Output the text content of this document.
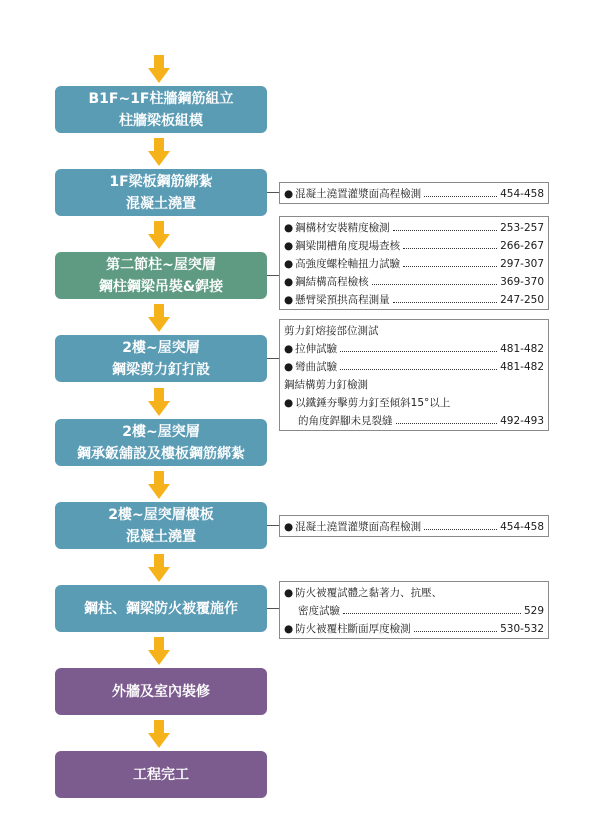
B1F~1F柱牆鋼筋組立
柱牆梁板組模
1F梁板鋼筋綁紮
混凝土澆置
第二節柱~屋突層
鋼柱鋼梁吊裝&銲接
2樓~屋突層
鋼梁剪力釘打設
2樓~屋突層
鋼承鈑舖設及樓板鋼筋綁紮
2樓~屋突層樓板
混凝土澆置
鋼柱、鋼梁防火被覆施作
外牆及室內裝修
工程完工
● 混凝土澆置灌漿面高程檢測	454-458
● 鋼構材安裝精度檢測	253-257
● 鋼梁開槽角度現場查核	266-267
● 高強度螺栓軸扭力試驗	297-307
● 鋼結構高程檢核	369-370
● 懸臂梁預拱高程測量	247-250
剪力釘熔接部位測試
● 拉伸試驗	481-482
● 彎曲試驗	481-482
鋼結構剪力釘檢測
● 以鐵錘夯擊剪力釘至傾斜15°以上
的角度銲腳未見裂縫	492-493
● 混凝土澆置灌漿面高程檢測	454-458
● 防火被覆試體之黏著力、抗壓、
密度試驗	529
● 防火被覆柱斷面厚度檢測	530-532
